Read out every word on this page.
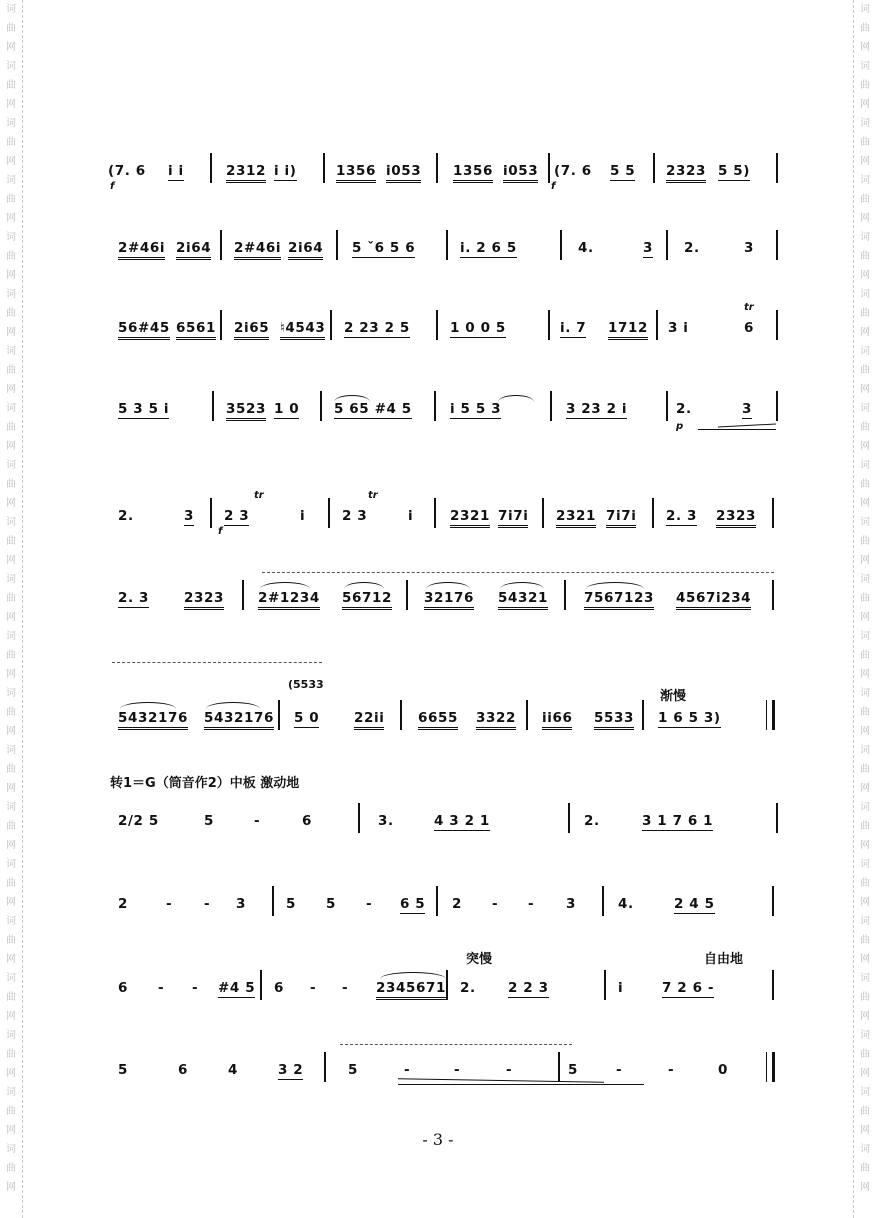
词
曲
网
词
曲
网
词
曲
网
词
曲
网
词
曲
网
词
曲
网
词
曲
网
词
曲
网
词
曲
网
词
曲
网
词
曲
网
词
曲
网
词
曲
网
词
曲
网
词
曲
网
词
曲
网
词
曲
网
词
曲
网
词
曲
网
词
曲
网
词
曲
网
词
曲
网
词
曲
网
词
曲
网
词
曲
网
词
曲
网
词
曲
网
词
曲
网
词
曲
网
词
曲
网
词
曲
网
词
曲
网
词
曲
网
词
曲
网
词
曲
网
词
曲
网
词
曲
网
词
曲
网
词
曲
网
词
曲
网
词
曲
网
词
曲
网
(7. 6
f
i i	2312 i i)	1356 i053 1356 i053 (7. 6
f
5 5 2323 5 5)
2#46i 2i64 2#46i 2i64 5 ˇ6 5 6	i. 2 6 5	4.	3 2.	3
56#45 6561 2i65 ♮4543 2 23 2 5	1 0 0 5	i. 7 1712 3 i
tr
6
5 3 5 i	3523 1 0	5 65 #4 5	i 5 5 3	3 23 2 i	2.	3
p
2.	3
tr
2 3
f
i
tr
2 3	i	2321 7i7i 2321 7i7i 2. 3 2323
2. 3	2323	2#1234 56712 32176 54321	7567123 4567i234
(5533
渐慢
5432176 5432176 5 0	22ii 6655 3322 ii66 5533 1 6 5 3)
转1＝G（筒音作2）中板 激动地
2/2 5	5	-	6	3.	4 3 2 1	2.	3 1 7 6 1
2	- - 3	5 5 - 6 5 2 - - 3	4.	2 4 5
突慢	自由地
6 - - #4 5 6 - - 2345671 2. 2 2 3	i	7 2 6 -
5	6	4	3 2	5	-	-	-	5	-	-	0
- 3 -
